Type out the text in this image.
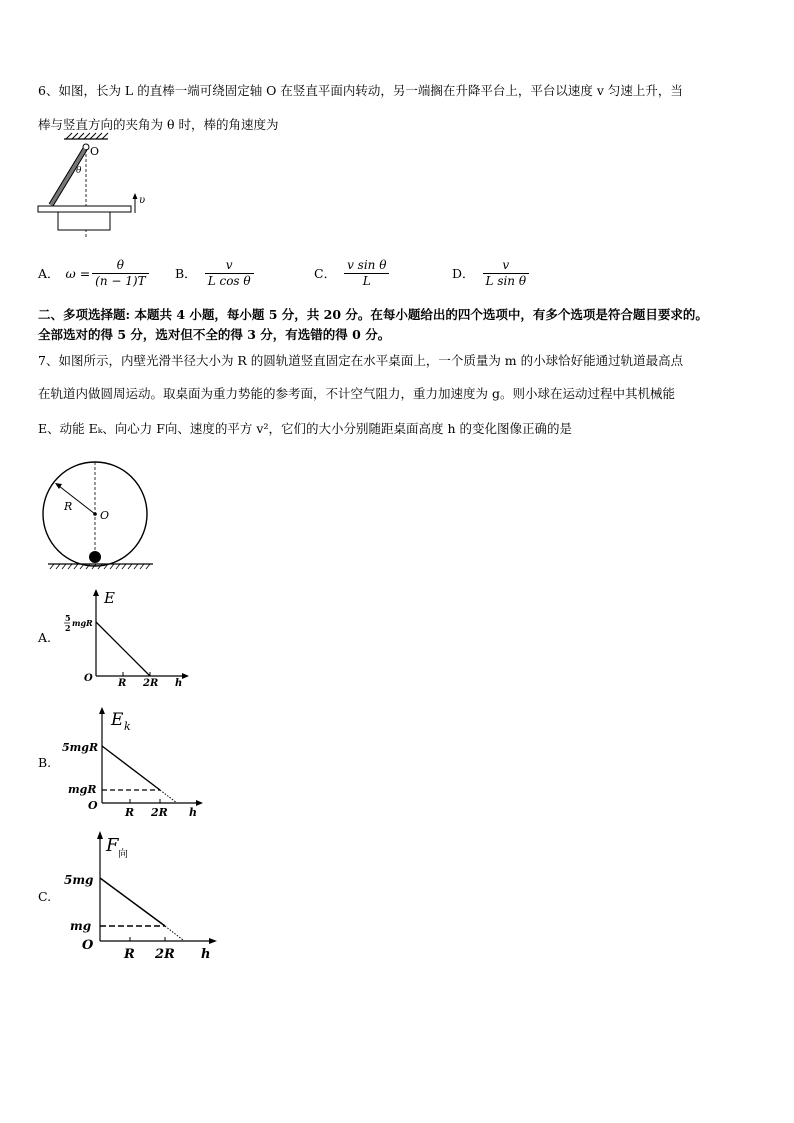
6、如图，长为 L 的直棒一端可绕固定轴 O 在竖直平面内转动，另一端搁在升降平台上，平台以速度 v 匀速上升，当
棒与竖直方向的夹角为 θ 时，棒的角速度为
O
θ
υ
A． $\omega = \frac{\theta}{(n - 1)T}$ B． $\frac{v}{\text{L cos θ}}$	C． $\frac{\text{v sin θ}}{L}$	D． $\frac{v}{\text{L sin θ}}$
二、多项选择题: 本题共 4 小题，每小题 5 分，共 20 分。在每小题给出的四个选项中，有多个选项是符合题目要求的。
全部选对的得 5 分，选对但不全的得 3 分，有选错的得 0 分。
7、如图所示，内壁光滑半径大小为 R 的圆轨道竖直固定在水平桌面上，一个质量为 m 的小球恰好能通过轨道最高点
在轨道内做圆周运动。取桌面为重力势能的参考面，不计空气阻力，重力加速度为 g。则小球在运动过程中其机械能
E、动能 Eₖ、向心力 F向、速度的平方 v²，它们的大小分别随距桌面高度 h 的变化图像正确的是
R
O
A.
E
5
2 mgR
O	R 2R h
B.
E k
5mgR
mgR
O
R 2R h
C.
F 向
5mg
mg
O
R 2R h
